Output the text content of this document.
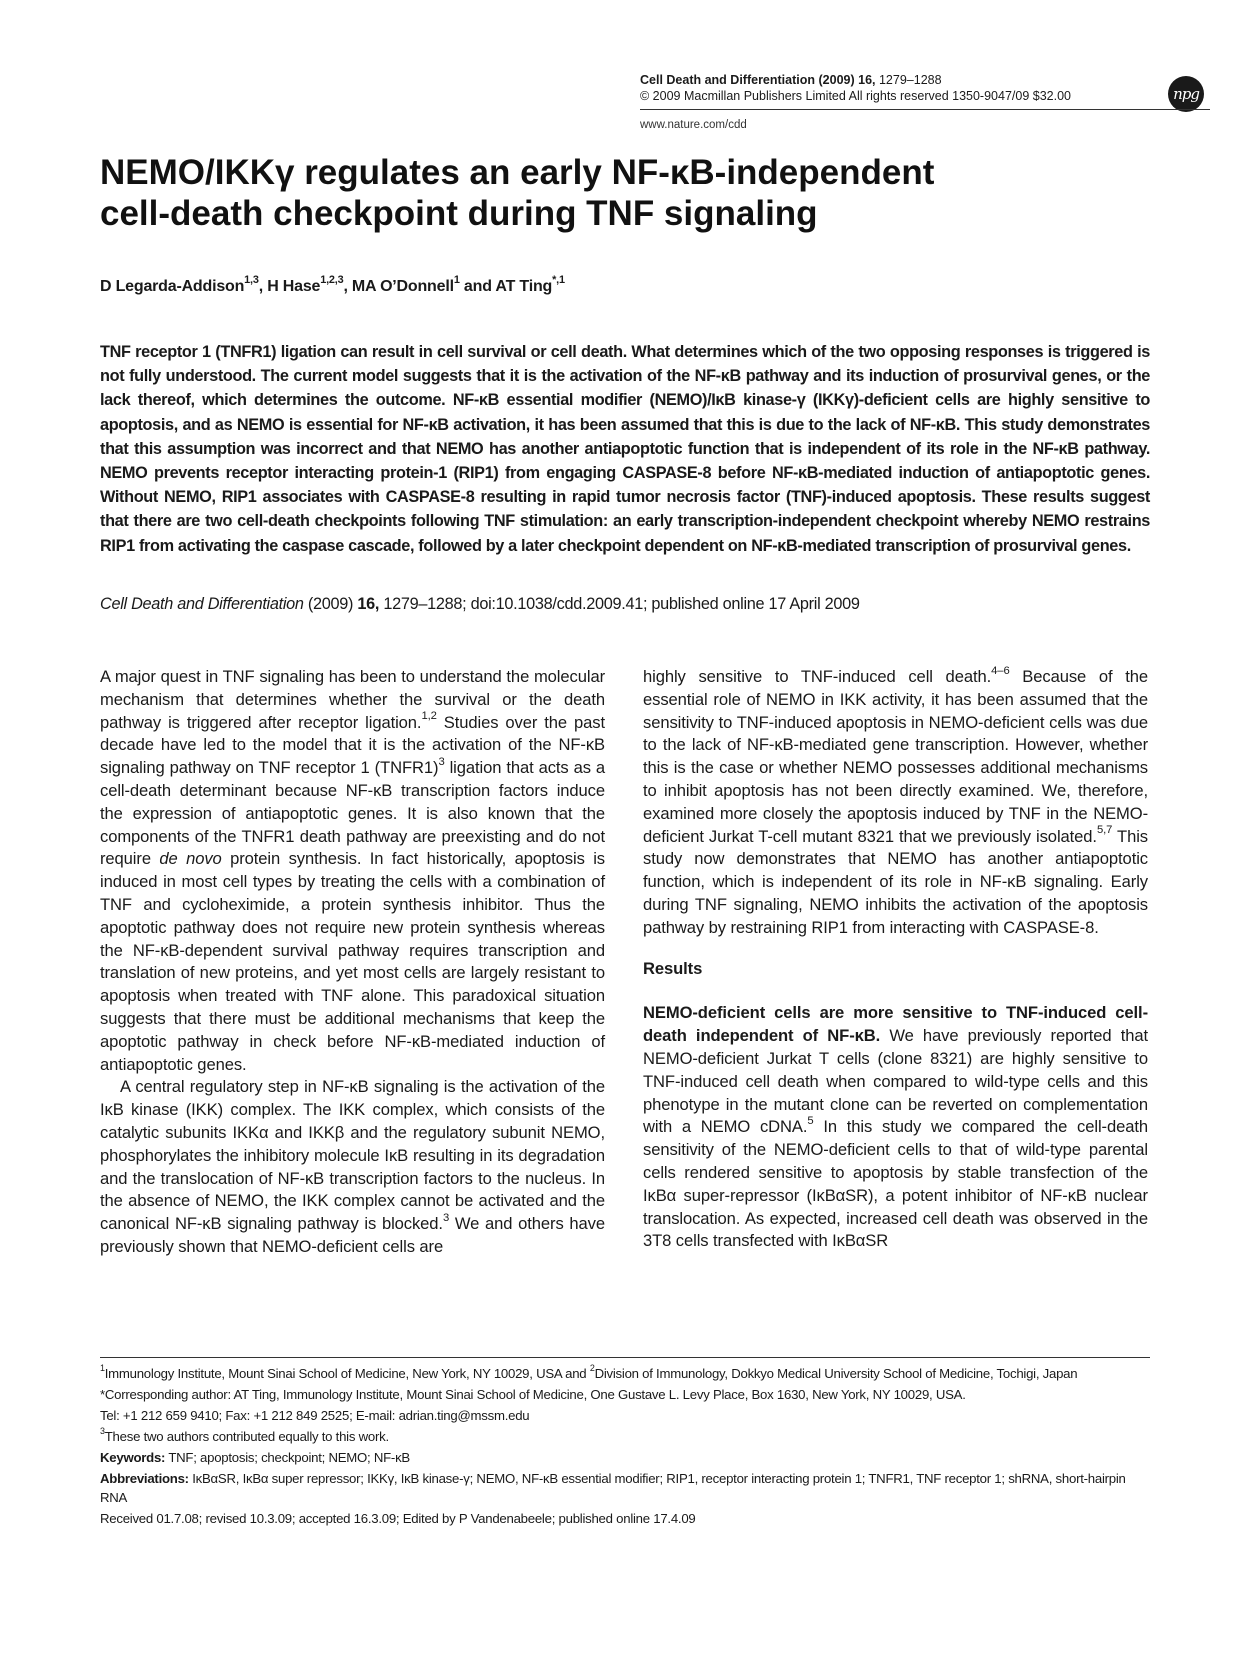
Cell Death and Differentiation (2009) 16, 1279–1288
© 2009 Macmillan Publishers Limited All rights reserved 1350-9047/09 $32.00	npg
www.nature.com/cdd
NEMO/IKKγ regulates an early NF-κB-independent
cell-death checkpoint during TNF signaling
D Legarda-Addison$^{1,3}$, H Hase$^{1,2,3}$, MA O’Donnell$^1$ and AT Ting$^{*,1}$
TNF receptor 1 (TNFR1) ligation can result in cell survival or cell death. What determines which of the two opposing responses is triggered is not fully understood. The current model suggests that it is the activation of the NF-κB pathway and its induction of prosurvival genes, or the lack thereof, which determines the outcome. NF-κB essential modifier (NEMO)/IκB kinase-γ (IKKγ)-deficient cells are highly sensitive to apoptosis, and as NEMO is essential for NF-κB activation, it has been assumed that this is due to the lack of NF-κB. This study demonstrates that this assumption was incorrect and that NEMO has another antiapoptotic function that is independent of its role in the NF-κB pathway. NEMO prevents receptor interacting protein-1 (RIP1) from engaging CASPASE-8 before NF-κB-mediated induction of antiapoptotic genes. Without NEMO, RIP1 associates with CASPASE-8 resulting in rapid tumor necrosis factor (TNF)-induced apoptosis. These results suggest that there are two cell-death checkpoints following TNF stimulation: an early transcription-independent checkpoint whereby NEMO restrains RIP1 from activating the caspase cascade, followed by a later checkpoint dependent on NF-κB-mediated transcription of prosurvival genes.
Cell Death and Differentiation (2009) 16, 1279–1288; doi:10.1038/cdd.2009.41; published online 17 April 2009

A major quest in TNF signaling has been to understand the molecular mechanism that determines whether the survival or the death pathway is triggered after receptor ligation.$^{1,2}$ Studies over the past decade have led to the model that it is the activation of the NF-κB signaling pathway on TNF receptor 1 (TNFR1)$^3$ ligation that acts as a cell-death determinant because NF-κB transcription factors induce the expression of antiapoptotic genes. It is also known that the components of the TNFR1 death pathway are preexisting and do not require de novo protein synthesis. In fact historically, apoptosis is induced in most cell types by treating the cells with a combination of TNF and cycloheximide, a protein synthesis inhibitor. Thus the apoptotic pathway does not require new protein synthesis whereas the NF-κB-dependent survival pathway requires transcription and translation of new proteins, and yet most cells are largely resistant to apoptosis when treated with TNF alone. This paradoxical situation suggests that there must be additional mechanisms that keep the apoptotic pathway in check before NF-κB-mediated induction of antiapoptotic genes.

A central regulatory step in NF-κB signaling is the activation of the IκB kinase (IKK) complex. The IKK complex, which consists of the catalytic subunits IKKα and IKKβ and the regulatory subunit NEMO, phosphorylates the inhibitory molecule IκB resulting in its degradation and the translocation of NF-κB transcription factors to the nucleus. In the absence of NEMO, the IKK complex cannot be activated and the canonical NF-κB signaling pathway is blocked.$^3$ We and others have previously shown that NEMO-deficient cells are

highly sensitive to TNF-induced cell death.$^{4-6}$ Because of the essential role of NEMO in IKK activity, it has been assumed that the sensitivity to TNF-induced apoptosis in NEMO-deficient cells was due to the lack of NF-κB-mediated gene transcription. However, whether this is the case or whether NEMO possesses additional mechanisms to inhibit apoptosis has not been directly examined. We, therefore, examined more closely the apoptosis induced by TNF in the NEMO-deficient Jurkat T-cell mutant 8321 that we previously isolated.$^{5,7}$ This study now demonstrates that NEMO has another antiapoptotic function, which is independent of its role in NF-κB signaling. Early during TNF signaling, NEMO inhibits the activation of the apoptosis pathway by restraining RIP1 from interacting with CASPASE-8.

Results

NEMO-deficient cells are more sensitive to TNF-induced cell-death independent of NF-κB. We have previously reported that NEMO-deficient Jurkat T cells (clone 8321) are highly sensitive to TNF-induced cell death when compared to wild-type cells and this phenotype in the mutant clone can be reverted on complementation with a NEMO cDNA.$^5$ In this study we compared the cell-death sensitivity of the NEMO-deficient cells to that of wild-type parental cells rendered sensitive to apoptosis by stable transfection of the IκBα super-repressor (IκBαSR), a potent inhibitor of NF-κB nuclear translocation. As expected, increased cell death was observed in the 3T8 cells transfected with IκBαSR

$^1$Immunology Institute, Mount Sinai School of Medicine, New York, NY 10029, USA and $^2$Division of Immunology, Dokkyo Medical University School of Medicine, Tochigi, Japan

*Corresponding author: AT Ting, Immunology Institute, Mount Sinai School of Medicine, One Gustave L. Levy Place, Box 1630, New York, NY 10029, USA.

Tel: +1 212 659 9410; Fax: +1 212 849 2525; E-mail: adrian.ting@mssm.edu

$^3$These two authors contributed equally to this work.

Keywords: TNF; apoptosis; checkpoint; NEMO; NF-κB

Abbreviations: IκBαSR, IκBα super repressor; IKKγ, IκB kinase-γ; NEMO, NF-κB essential modifier; RIP1, receptor interacting protein 1; TNFR1, TNF receptor 1; shRNA, short-hairpin RNA

Received 01.7.08; revised 10.3.09; accepted 16.3.09; Edited by P Vandenabeele; published online 17.4.09
